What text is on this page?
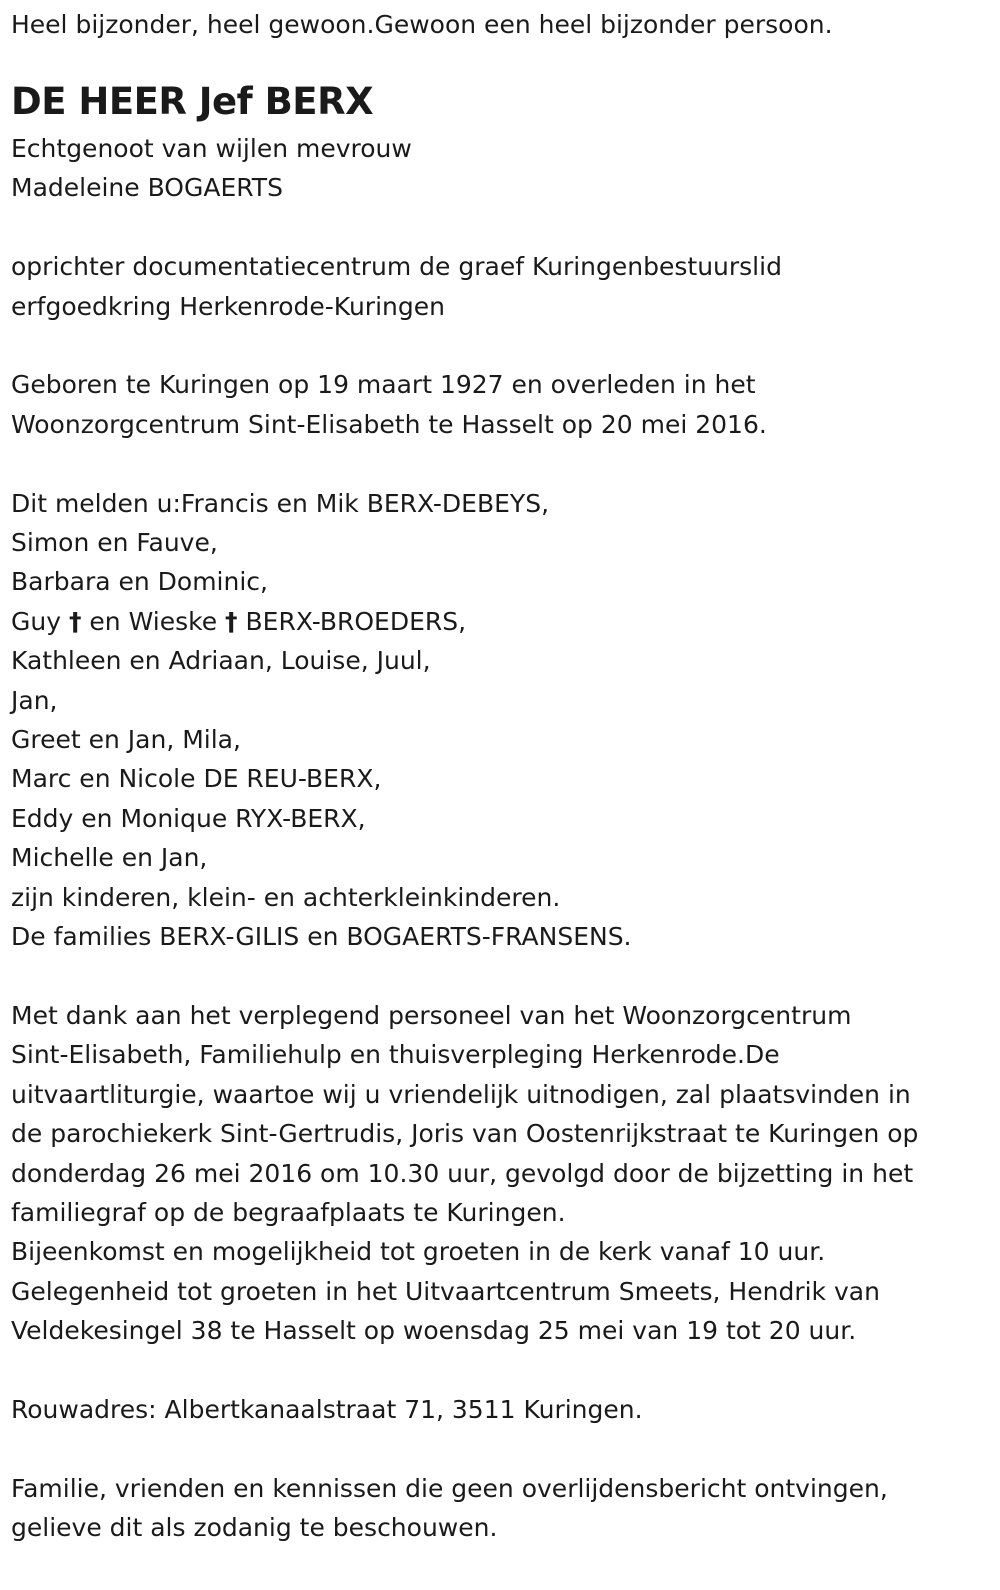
Heel bijzonder, heel gewoon.Gewoon een heel bijzonder persoon.

DE HEER Jef BERX

Echtgenoot van wijlen mevrouw

Madeleine BOGAERTS

oprichter documentatiecentrum de graef Kuringenbestuurslid

erfgoedkring Herkenrode-Kuringen

Geboren te Kuringen op 19 maart 1927 en overleden in het

Woonzorgcentrum Sint-Elisabeth te Hasselt op 20 mei 2016.

Dit melden u:Francis en Mik BERX-DEBEYS,

Simon en Fauve,

Barbara en Dominic,

Guy † en Wieske † BERX-BROEDERS,

Kathleen en Adriaan, Louise, Juul,

Jan,

Greet en Jan, Mila,

Marc en Nicole DE REU-BERX,

Eddy en Monique RYX-BERX,

Michelle en Jan,

zijn kinderen, klein- en achterkleinkinderen.

De families BERX-GILIS en BOGAERTS-FRANSENS.

Met dank aan het verplegend personeel van het Woonzorgcentrum

Sint-Elisabeth, Familiehulp en thuisverpleging Herkenrode.De

uitvaartliturgie, waartoe wij u vriendelijk uitnodigen, zal plaatsvinden in

de parochiekerk Sint-Gertrudis, Joris van Oostenrijkstraat te Kuringen op

donderdag 26 mei 2016 om 10.30 uur, gevolgd door de bijzetting in het

familiegraf op de begraafplaats te Kuringen.

Bijeenkomst en mogelijkheid tot groeten in de kerk vanaf 10 uur.

Gelegenheid tot groeten in het Uitvaartcentrum Smeets, Hendrik van

Veldekesingel 38 te Hasselt op woensdag 25 mei van 19 tot 20 uur.

Rouwadres: Albertkanaalstraat 71, 3511 Kuringen.

Familie, vrienden en kennissen die geen overlijdensbericht ontvingen,

gelieve dit als zodanig te beschouwen.
